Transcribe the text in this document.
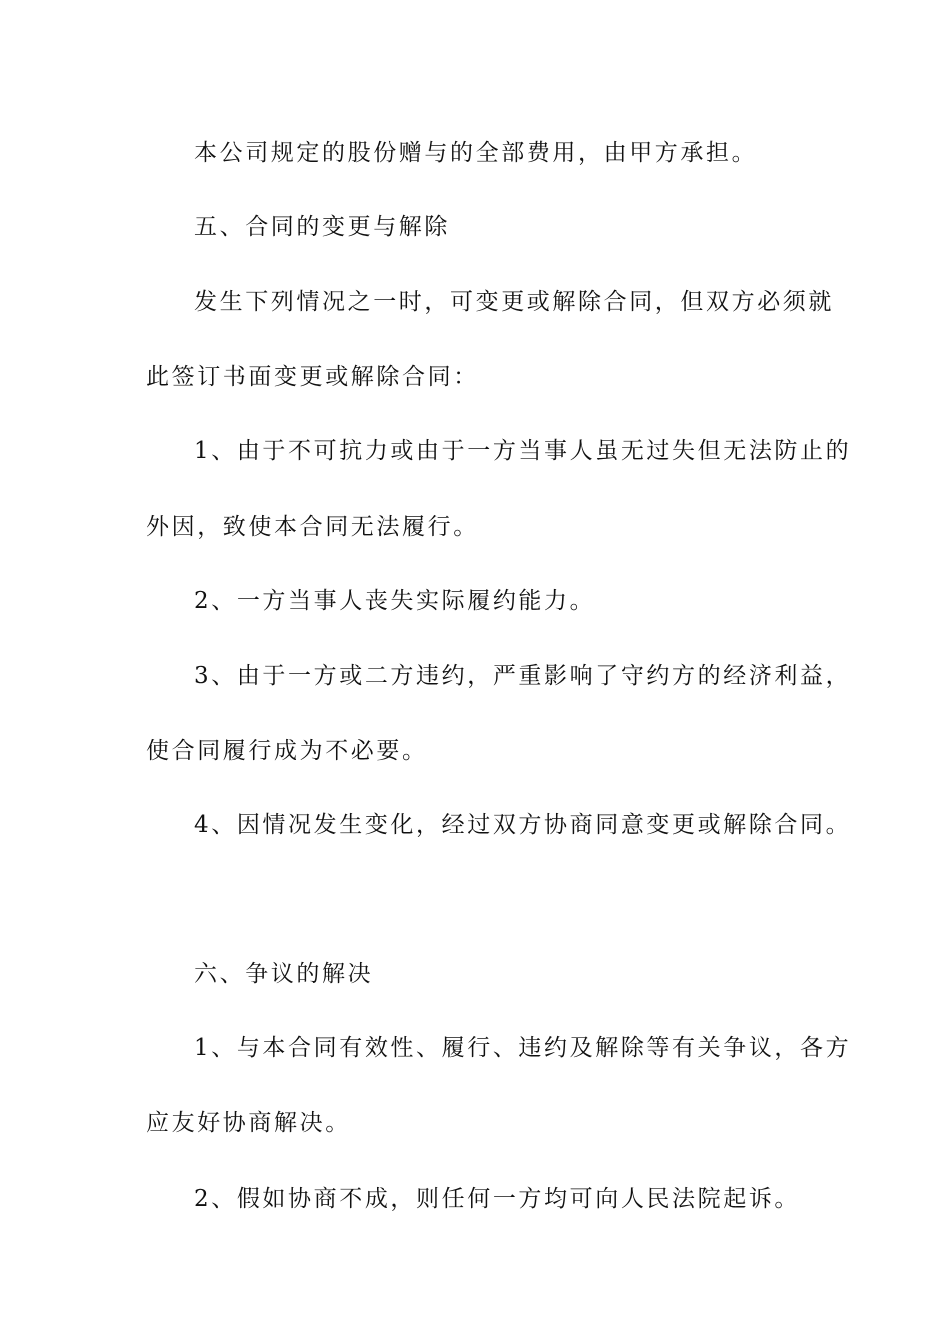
本公司规定的股份赠与的全部费用，由甲方承担。
五、合同的变更与解除
发生下列情况之一时，可变更或解除合同，但双方必须就
此签订书面变更或解除合同：
1、由于不可抗力或由于一方当事人虽无过失但无法防止的
外因，致使本合同无法履行。
2、一方当事人丧失实际履约能力。
3、由于一方或二方违约，严重影响了守约方的经济利益，
使合同履行成为不必要。
4、因情况发生变化，经过双方协商同意变更或解除合同。
六、争议的解决
1、与本合同有效性、履行、违约及解除等有关争议，各方
应友好协商解决。
2、假如协商不成，则任何一方均可向人民法院起诉。
